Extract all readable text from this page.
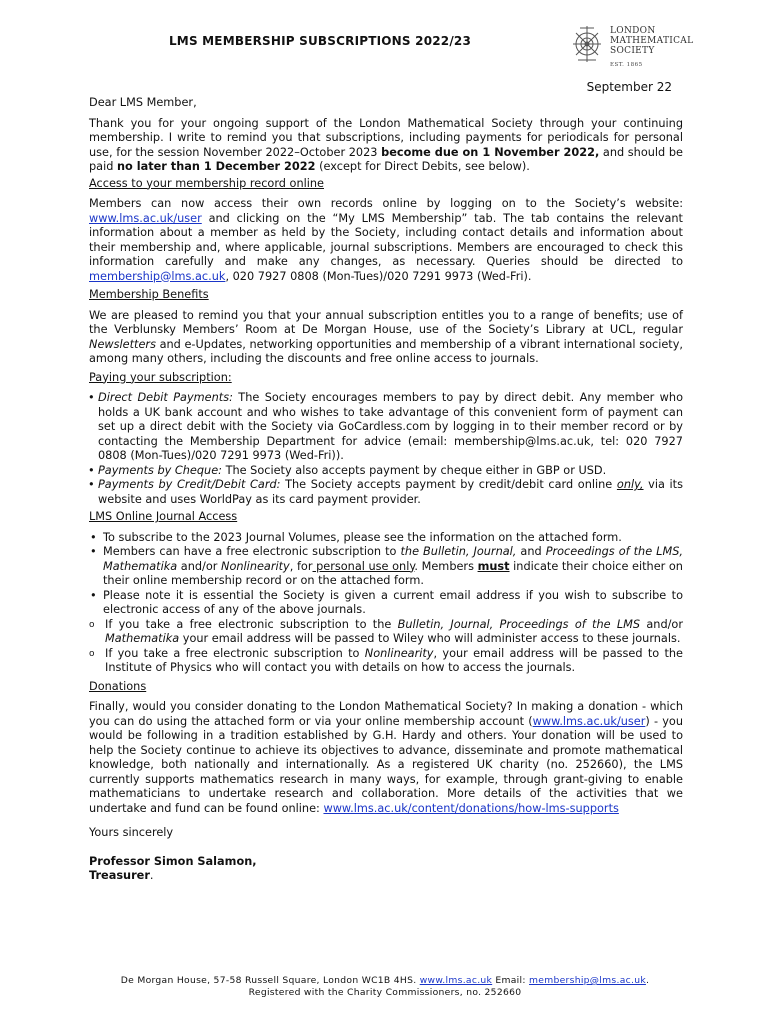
LMS MEMBERSHIP SUBSCRIPTIONS 2022/23
LONDON
MATHEMATICAL
SOCIETY
EST. 1865
September 22

Dear LMS Member,

Thank you for your ongoing support of the London Mathematical Society through your continuing membership. I write to remind you that subscriptions, including payments for periodicals for personal use, for the session November 2022–October 2023 become due on 1 November 2022, and should be paid no later than 1 December 2022 (except for Direct Debits, see below).

Access to your membership record online

Members can now access their own records online by logging on to the Society’s website: www.lms.ac.uk/user and clicking on the “My LMS Membership” tab. The tab contains the relevant information about a member as held by the Society, including contact details and information about their membership and, where applicable, journal subscriptions. Members are encouraged to check this information carefully and make any changes, as necessary. Queries should be directed to membership@lms.ac.uk, 020 7927 0808 (Mon-Tues)/020 7291 9973 (Wed-Fri).

Membership Benefits

We are pleased to remind you that your annual subscription entitles you to a range of benefits; use of the Verblunsky Members’ Room at De Morgan House, use of the Society’s Library at UCL, regular Newsletters and e-Updates, networking opportunities and membership of a vibrant international society, among many others, including the discounts and free online access to journals.

Paying your subscription:

• Direct Debit Payments: The Society encourages members to pay by direct debit. Any member who holds a UK bank account and who wishes to take advantage of this convenient form of payment can set up a direct debit with the Society via GoCardless.com by logging in to their member record or by contacting the Membership Department for advice (email: membership@lms.ac.uk, tel: 020 7927 0808 (Mon-Tues)/020 7291 9973 (Wed-Fri)).
• Payments by Cheque: The Society also accepts payment by cheque either in GBP or USD.
• Payments by Credit/Debit Card: The Society accepts payment by credit/debit card online only, via its website and uses WorldPay as its card payment provider.

LMS Online Journal Access

• To subscribe to the 2023 Journal Volumes, please see the information on the attached form.
• Members can have a free electronic subscription to the Bulletin, Journal, and Proceedings of the LMS, Mathematika and/or Nonlinearity, for personal use only. Members must indicate their choice either on their online membership record or on the attached form.
• Please note it is essential the Society is given a current email address if you wish to subscribe to electronic access of any of the above journals.
o If you take a free electronic subscription to the Bulletin, Journal, Proceedings of the LMS and/or Mathematika your email address will be passed to Wiley who will administer access to these journals.
o If you take a free electronic subscription to Nonlinearity, your email address will be passed to the Institute of Physics who will contact you with details on how to access the journals.

Donations

Finally, would you consider donating to the London Mathematical Society? In making a donation - which you can do using the attached form or via your online membership account (www.lms.ac.uk/user) - you would be following in a tradition established by G.H. Hardy and others. Your donation will be used to help the Society continue to achieve its objectives to advance, disseminate and promote mathematical knowledge, both nationally and internationally. As a registered UK charity (no. 252660), the LMS currently supports mathematics research in many ways, for example, through grant-giving to enable mathematicians to undertake research and collaboration. More details of the activities that we undertake and fund can be found online: www.lms.ac.uk/content/donations/how-lms-supports

Yours sincerely

Professor Simon Salamon,

Treasurer.

De Morgan House, 57-58 Russell Square, London WC1B 4HS. www.lms.ac.uk Email: membership@lms.ac.uk.
Registered with the Charity Commissioners, no. 252660
